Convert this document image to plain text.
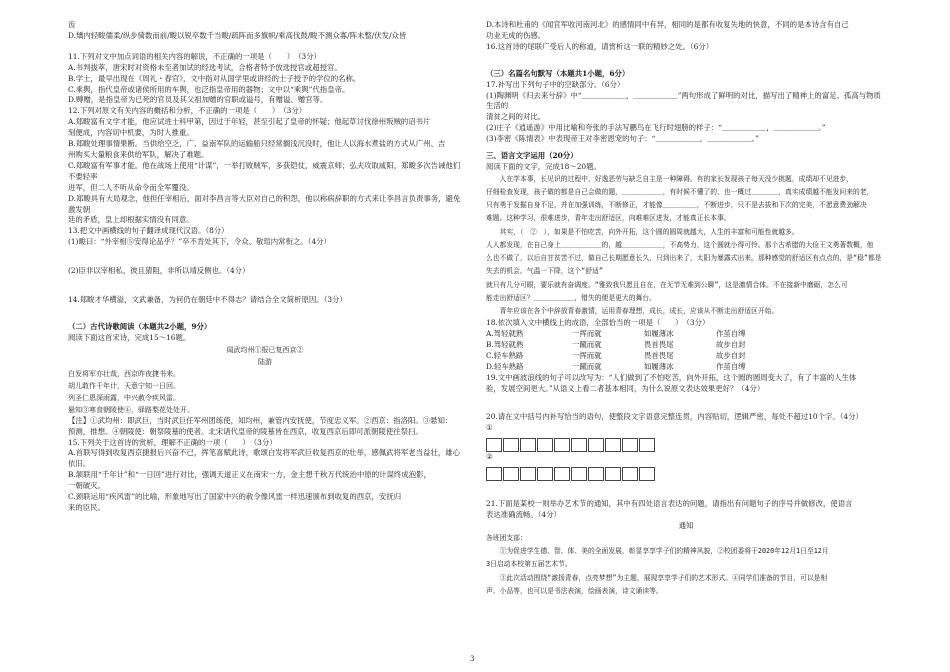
齿

D.矯内轻畯儒柔/纵步骑数而前/畯以锐卒数千当畯/疏阵而多旗帜/乘高伐鼓/畯不测众寡/阵未整/伏发/众皆

11.下列对文中加点词语的相关内容的解说，不正确的一项是（　　）　（3分）

A.书判拔萃，唐宋时对资格未至者加试的经选考试，合格者特予放选授官或超授官。

B.学士，最早出现在《周礼・春官》，文中指对从国学里或讲经的士子授予的学位的名称。

C.乘舆，指代皇帝或诸侯所用的车舆，也泛指皇帝用的器物；文中以“乘舆”代指皇帝。

D.赙赠，是指皇帝为已死的官员及其父祖加赠的官职或谥号，有赠谥、赠官等。

12.下列对原文有关内容的概括和分析，不正确的一项是（　　）　（3分）

A.郑畯富有文学才能，他应试进士科甲第，因过于年轻，甚至引起了皇帝的怀疑；他起草讨伐徐州叛贼的诏书片

刻便成，内容切中机要，为时人推重。

B.郑畯处理事情果断。当供给空乏，广、益南军队的运输船只经常搁浅沉没时，他让人以海水煮盐的方式从广州、吉

州购买大量粮食来供给军队，解决了难题。

C.郑畯富有军事才能。他在战场上使用“计谋”，一举打败贼军，多获铠仗，威震京师；弘夫攻取咸阳，郑畯多次告诫他们不要轻率

进军，但二人不听从命令而全军覆没。

D.郑畯具有大局观念，他担任宰相后，面对李昌言等大臣对自己的积怨，他以称病辞职的方式来让李昌言负责事务，避免激发朝

廷的矛盾，皇上却根据实情没有同意。

13.把文中画横线的句子翻译成现代汉语。（8分）

(1)畯曰：“外宰相⑤安得论品乎？”卒不肯处其下，令众、敬瑄内常衔之。（4分）

(2)臣非以宰相私，彼且猜阻，非所以靖反侧也。（4分）

14.郑畯才华横溢，文武兼备，为何仍在朝廷中不得志？请结合全文简析原因。（3分）

（二）古代诗歌阅读（本题共2小题，9分）

阅读下面这首宋诗，完成15～16题。

闻武均州①报已复西京②

陆游

白发将军亦壮哉，西京昨夜捷书来。

胡儿敢作千年计，天意宁知一日回。

列圣仁恩深雨露，中兴赦令疾风雷。

悬知③寒食朝陵使④，驿路梨花处处开。

【注】①武均州：即武巨，当时武巨任军州团练使，知均州，兼管内安抚使，节度忠义军。②西京：指洛阳。③悬知：

预测，推想。④朝陵使：朝祭陵墓的使者。北宋诸代皇帝的陵墓皆在西京，收复西京后即可派朝陵使往祭扫。

15.下列关于这首诗的赏析，理解不正确的一项（　　）　（3分）

A.首联写得到收复西京捷报后兴奋不已，挥笔喜赋此诗，歌颂白发将军武巨收复西京的壮举，感佩武将军老当益壮，雄心

依旧。

B.颔联用“千年计”和“一日回”进行对比，强调天道正义在南宋一方，金主想千秋万代统治中原的计谋终成泡影，

一朝破灭。

C.颈联运用“疾风雷”的比喻，形象地写出了国家中兴的赦令像风雷一样迅速颁布到收复的西京，安抚归

来的臣民。

D.本诗和杜甫的《闻官军收河南河北》的感情同中有异，相同的是都有收复失地的快意，不同的是本诗含有自己

功业无成的伤感。

16.这首诗的尾联广受后人的称道，请赏析这一联的精妙之处。（6分）

（三）名篇名句默写（本题共1小题，6分）

17.补写出下列句子中的空缺部分。（6分）

(1)陶渊明《归去来兮辞》中“＿＿＿＿＿＿，＿＿＿＿＿＿”两句形成了鲜明的对比，描写出了精神上的富足、孤高与物质生活的

清贫之间的对比。

(2)庄子《逍遥游》中用比喻和夸张的手法写鹏鸟在飞行时翅膀的样子：“＿＿＿＿＿＿，＿＿＿＿＿＿。”

(3)李密《陈情表》中表现帝王对李密恩宠的句子：“＿＿＿＿＿＿，＿＿＿＿＿＿。”

三、语言文字运用（20分）

阅读下面的文字，完成18～20题。

人在学本事，长见识的过程中，好逸恶劳与缺乏自主是一种障碍。有的家长发现孩子每天没少挑题，成绩却不见进步，

仔细检查发现，孩子做的都是自己会做的题，＿＿＿＿＿＿，有时候不懂了的，也一概过＿＿＿＿，真实成绩越不能发问来的老，

只有勇于发掘自身不足，并在加强训练，不断修正，才能像＿＿＿＿＿，不断进步，只不是去拔和下次的完美，不愿意费劲解决

难题。这种学习，很难进步，青年走出舒适区，向难难区进发，才能真正长本事。

其实，（　②　），如果是不怕吃苦，向外开拓，这个圆的圆周就越大，人生的丰富和可能性就越多。

人人都发现，在自己身上＿＿＿＿＿＿的，越＿＿＿＿＿＿，不高势力，这个圆就小得可怜。那个古希腊的大俭王文勇著数概，他

么也不做了，以后自甘贫苦不过，做自己长期愿意长久，只到出来了，太阳为暴露式出来。那种感觉的舒适区有点点的，是“稳”都是失去的机会。气温一下降，这个“舒适”

就只有几分可眼，要乐就有奋调度。“雅致我只愿且自在，在无节无难到公聊”，这是激情合体。不在接新中磨砺，怎么可

能走出舒适区？＿＿＿＿＿＿，错失的便是更大的舞台。

青年应该在各个中辞放青春激情，运用青春理想，成长，成长，应该从不断走出舒适区开始。

18.依次填入文中横线上的成语，全部恰当的一项是（　　）　（3分）

A.驾轻就熟	一挥而就	如履薄冰	作茧自缚
B.驾轻就熟	一蹴而就	畏首畏尾	故步自封
C.轻车熟路	一挥而就	畏首畏尾	故步自封
D.轻车熟路	一蹴而就	如履薄冰	作茧自缚

19.文中画波浪线的句子可以改写为：“人们做到了不怕吃苦，向外开拓，这个圆的圆周变大了，有了丰富的人生体

验，发展空间更大。”从语义上看二者基本相同，为什么说原文表达效果更好？（4分）

20.请在文中括号内补写恰当的语句，使整段文字语意完整连贯，内容贴切，逻辑严密，每处不超过10个字。（4分）

①

②

21.下面是某校一则举办艺术节的通知，其中有四处语言表达的问题，请指出有问题句子的序号并做修改，使语言

表达准确流畅。（4分）

通知

各班团支部：

①为促进学生德、智、体、美的全面发展，彰显享享学子们的精神风貌，②校团委将于2020年12月1日至12月

3日启动本校第五届艺术节。

③此次活动围绕“激扬青春，点亮梦想”为主题，展现享享学子们的艺术形式。④同学们准备的节目，可以是相

声、小品等，也可以是书法表演，绘画表演，诗文诵读等。

3
